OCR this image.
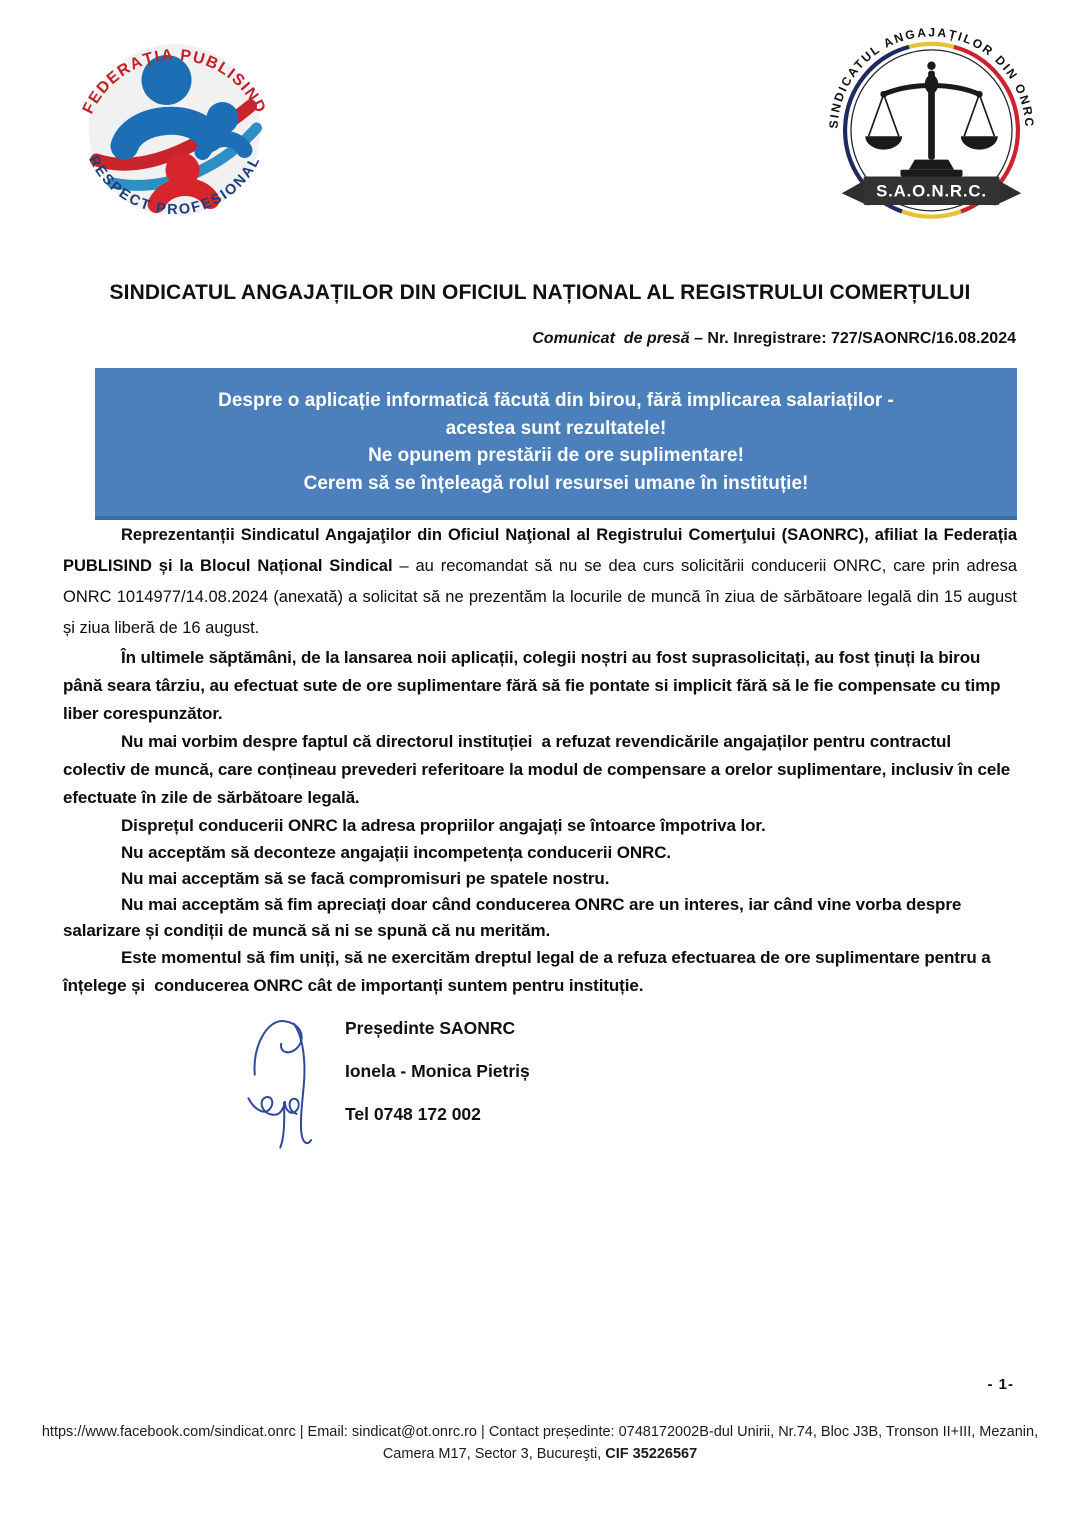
FEDERAȚIA PUBLISIND
RESPECT PROFESIONAL
S.A.O.N.R.C.
SINDICATUL ANGAJAȚILOR DIN ONRC
SINDICATUL ANGAJAȚILOR DIN OFICIUL NAȚIONAL AL REGISTRULUI COMERȚULUI
Comunicat  de presă – Nr. Inregistrare: 727/SAONRC/16.08.2024
Despre o aplicație informatică făcută din birou, fără implicarea salariaților -
acestea sunt rezultatele!
Ne opunem prestării de ore suplimentare!
Cerem să se înțeleagă rolul resursei umane în instituție!

Reprezentanții Sindicatul Angajaţilor din Oficiul Naţional al Registrului Comerţului (SAONRC), afiliat la Federația PUBLISIND și la Blocul Național Sindical – au recomandat să nu se dea curs solicitării conducerii ONRC, care prin adresa ONRC 1014977/14.08.2024 (anexată) a solicitat să ne prezentăm la locurile de muncă în ziua de sărbătoare legală din 15 august și ziua liberă de 16 august.

În ultimele săptămâni, de la lansarea noii aplicații, colegii noștri au fost suprasolicitați, au fost ținuți la birou până seara târziu, au efectuat sute de ore suplimentare fără să fie pontate si implicit fără să le fie compensate cu timp liber corespunzător.

Nu mai vorbim despre faptul că directorul instituției  a refuzat revendicările angajaților pentru contractul colectiv de muncă, care conțineau prevederi referitoare la modul de compensare a orelor suplimentare, inclusiv în cele efectuate în zile de sărbătoare legală.

Disprețul conducerii ONRC la adresa propriilor angajați se întoarce împotriva lor.

Nu acceptăm să deconteze angajații incompetența conducerii ONRC.

Nu mai acceptăm să se facă compromisuri pe spatele nostru.

Nu mai acceptăm să fim apreciați doar când conducerea ONRC are un interes, iar când vine vorba despre salarizare și condiții de muncă să ni se spună că nu merităm.

Este momentul să fim uniți, să ne exercităm dreptul legal de a refuza efectuarea de ore suplimentare pentru a înțelege și  conducerea ONRC cât de importanți suntem pentru instituție.

Președinte SAONRC

Ionela - Monica Pietriș

Tel 0748 172 002

- 1-
https://www.facebook.com/sindicat.onrc | Email: sindicat@ot.onrc.ro | Contact președinte: 0748172002B-dul Unirii, Nr.74, Bloc J3B, Tronson II+III, Mezanin,
Camera M17, Sector 3, Bucureşti, CIF 35226567
